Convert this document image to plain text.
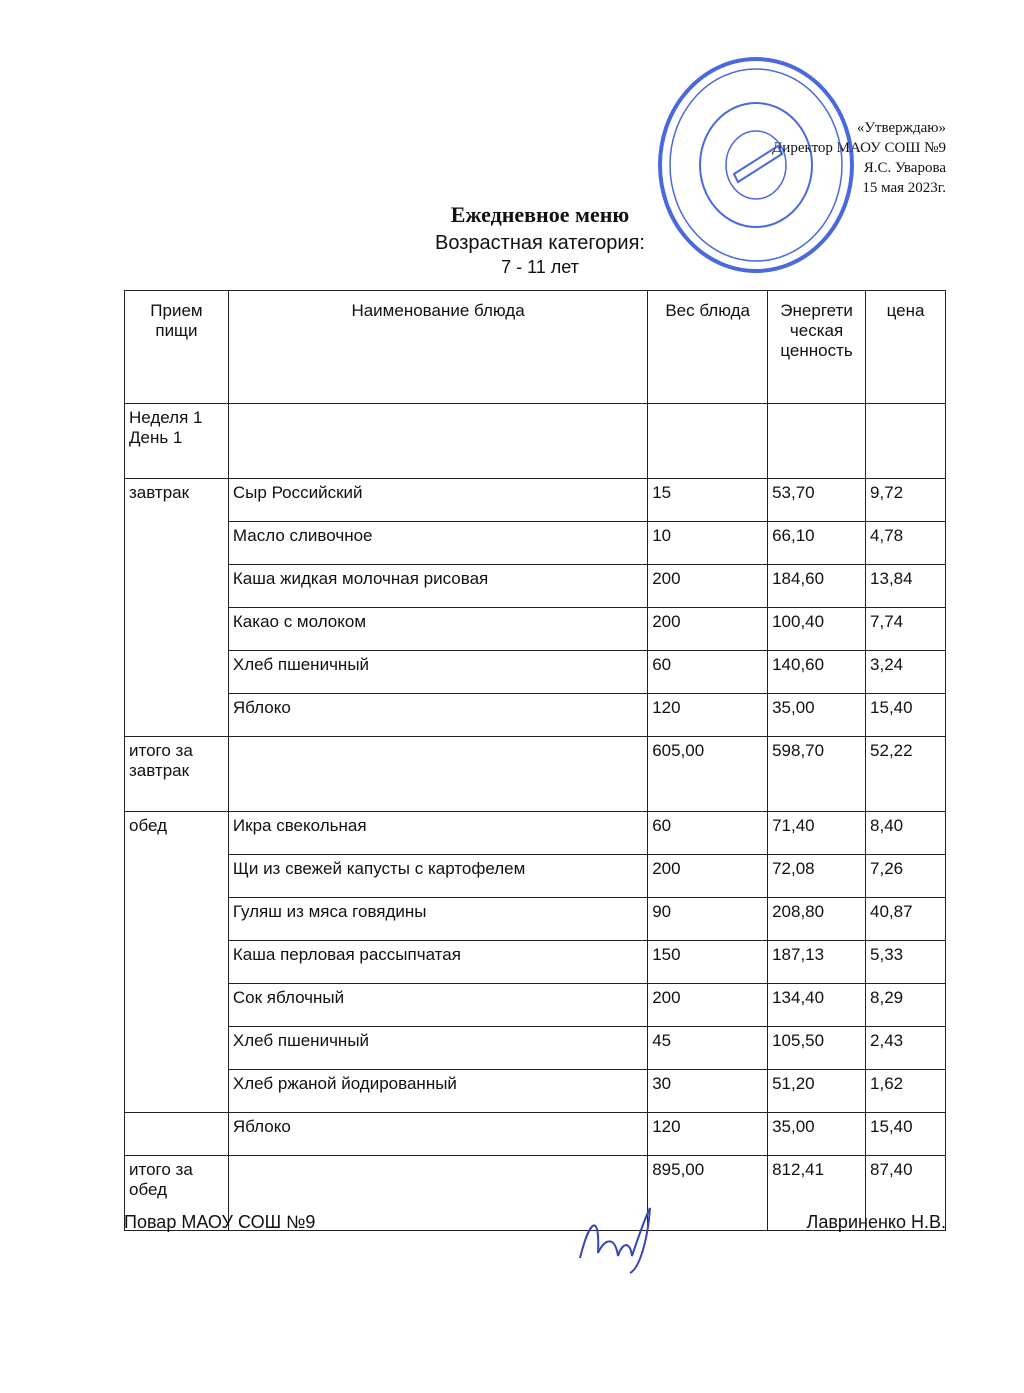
«Утверждаю»
Директор МАОУ СОШ №9
Я.С. Уварова
15 мая 2023г.
Ежедневное меню
Возрастная категория:
7 - 11 лет
Прием пищи	Наименование блюда	Вес блюда	Энергети ческая ценность	цена
Неделя 1 День 1				
завтрак	Сыр Российский	15	53,70	9,72
	Масло сливочное	10	66,10	4,78
	Каша жидкая молочная рисовая	200	184,60	13,84
	Какао с молоком	200	100,40	7,74
	Хлеб пшеничный	60	140,60	3,24
	Яблоко	120	35,00	15,40
итого за завтрак		605,00	598,70	52,22
обед	Икра свекольная	60	71,40	8,40
	Щи из свежей капусты с картофелем	200	72,08	7,26
	Гуляш из мяса говядины	90	208,80	40,87
	Каша перловая рассыпчатая	150	187,13	5,33
	Сок яблочный	200	134,40	8,29
	Хлеб пшеничный	45	105,50	2,43
	Хлеб ржаной йодированный	30	51,20	1,62
	Яблоко	120	35,00	15,40
итого за обед		895,00	812,41	87,40
Повар МАОУ СОШ №9	Лавриненко Н.В.
